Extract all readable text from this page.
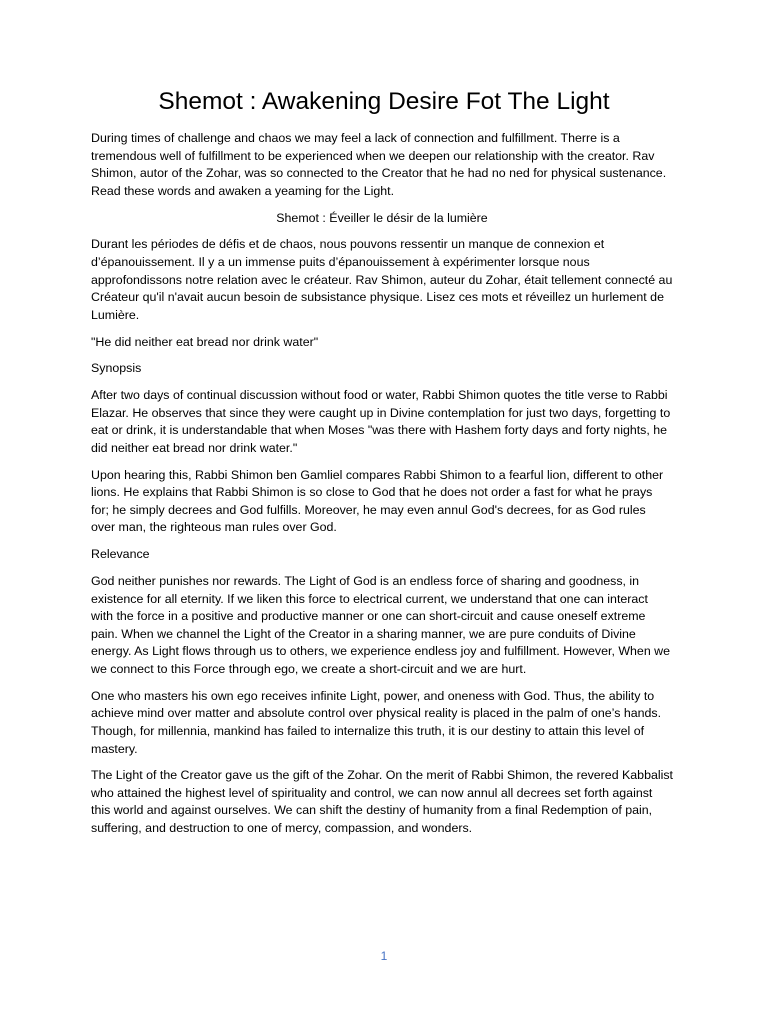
Shemot : Awakening Desire Fot The Light

During times of challenge and chaos we may feel a lack of connection and fulfillment. Therre is a tremendous well of fulfillment to be experienced when we deepen our relationship with the creator. Rav Shimon, autor of the Zohar, was so connected to the Creator that he had no ned for physical sustenance. Read these words and awaken a yeaming for the Light.

Shemot : Éveiller le désir de la lumière

Durant les périodes de défis et de chaos, nous pouvons ressentir un manque de connexion et d’épanouissement. Il y a un immense puits d’épanouissement à expérimenter lorsque nous approfondissons notre relation avec le créateur. Rav Shimon, auteur du Zohar, était tellement connecté au Créateur qu'il n'avait aucun besoin de subsistance physique. Lisez ces mots et réveillez un hurlement de Lumière.

"He did neither eat bread nor drink water"

Synopsis

After two days of continual discussion without food or water, Rabbi Shimon quotes the title verse to Rabbi Elazar. He observes that since they were caught up in Divine contemplation for just two days, forgetting to eat or drink, it is understandable that when Moses "was there with Hashem forty days and forty nights, he did neither eat bread nor drink water."

Upon hearing this, Rabbi Shimon ben Gamliel compares Rabbi Shimon to a fearful lion, different to other lions. He explains that Rabbi Shimon is so close to God that he does not order a fast for what he prays for; he simply decrees and God fulfills. Moreover, he may even annul God's decrees, for as God rules over man, the righteous man rules over God.

Relevance

God neither punishes nor rewards. The Light of God is an endless force of sharing and goodness, in existence for all eternity. If we liken this force to electrical current, we understand that one can interact with the force in a positive and productive manner or one can short-circuit and cause oneself extreme pain. When we channel the Light of the Creator in a sharing manner, we are pure conduits of Divine energy. As Light flows through us to others, we experience endless joy and fulfillment. However, When we we connect to this Force through ego, we create a short-circuit and we are hurt.

One who masters his own ego receives infinite Light, power, and oneness with God. Thus, the ability to achieve mind over matter and absolute control over physical reality is placed in the palm of one’s hands. Though, for millennia, mankind has failed to internalize this truth, it is our destiny to attain this level of mastery.

The Light of the Creator gave us the gift of the Zohar. On the merit of Rabbi Shimon, the revered Kabbalist who attained the highest level of spirituality and control, we can now annul all decrees set forth against this world and against ourselves. We can shift the destiny of humanity from a final Redemption of pain, suffering, and destruction to one of mercy, compassion, and wonders.

1
